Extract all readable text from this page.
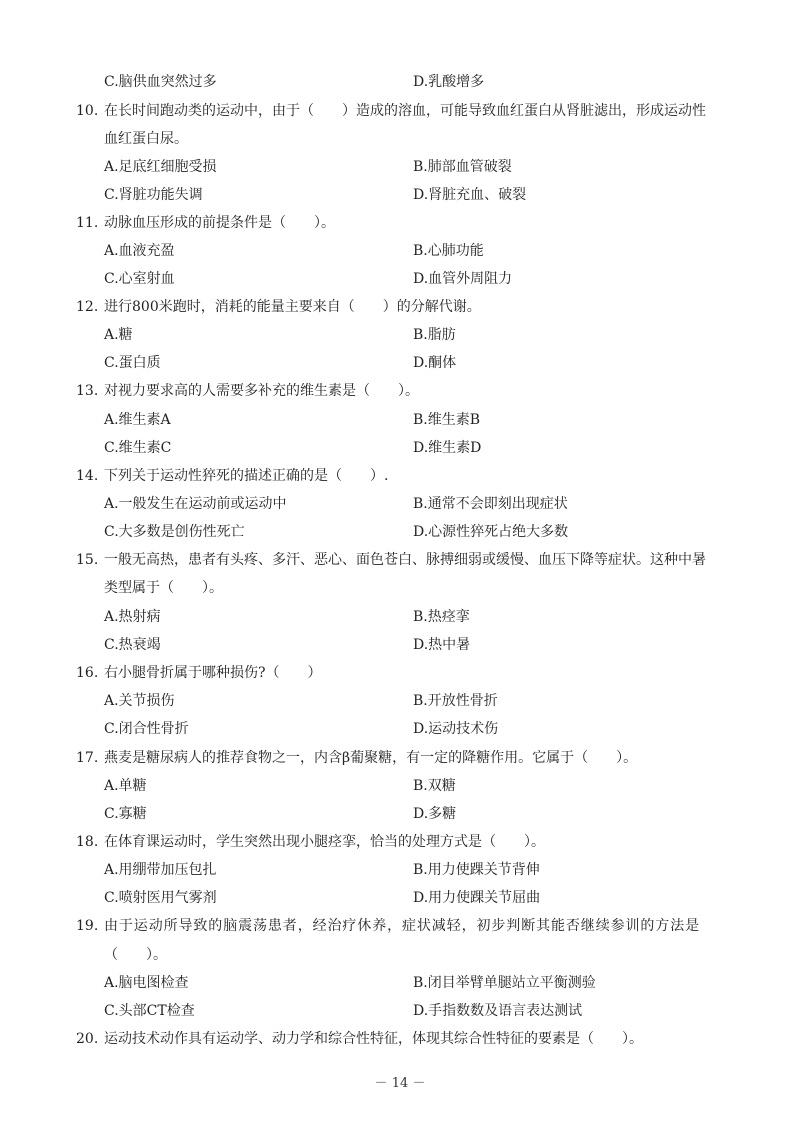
C.脑供血突然过多	D.乳酸增多
10. 在长时间跑动类的运动中，由于（　　）造成的溶血，可能导致血红蛋白从肾脏滤出，形成运动性
血红蛋白尿。
A.足底红细胞受损	B.肺部血管破裂
C.肾脏功能失调	D.肾脏充血、破裂
11. 动脉血压形成的前提条件是（　　）。
A.血液充盈	B.心肺功能
C.心室射血	D.血管外周阻力
12. 进行800米跑时，消耗的能量主要来自（　　）的分解代谢。
A.糖	B.脂肪
C.蛋白质	D.酮体
13. 对视力要求高的人需要多补充的维生素是（　　）。
A.维生素A	B.维生素B
C.维生素C	D.维生素D
14. 下列关于运动性猝死的描述正确的是（　　）.
A.一般发生在运动前或运动中	B.通常不会即刻出现症状
C.大多数是创伤性死亡	D.心源性猝死占绝大多数
15. 一般无高热，患者有头疼、多汗、恶心、面色苍白、脉搏细弱或缓慢、血压下降等症状。这种中暑
类型属于（　　）。
A.热射病	B.热痉挛
C.热衰竭	D.热中暑
16. 右小腿骨折属于哪种损伤?（　　）
A.关节损伤	B.开放性骨折
C.闭合性骨折	D.运动技术伤
17. 燕麦是糖尿病人的推荐食物之一，内含β葡聚糖，有一定的降糖作用。它属于（　　）。
A.单糖	B.双糖
C.寡糖	D.多糖
18. 在体育课运动时，学生突然出现小腿痉挛，恰当的处理方式是（　　）。
A.用绷带加压包扎	B.用力使踝关节背伸
C.喷射医用气雾剂	D.用力使踝关节屈曲
19. 由于运动所导致的脑震荡患者，经治疗休养，症状减轻，初步判断其能否继续参训的方法是
（　　）。
A.脑电图检查	B.闭目举臂单腿站立平衡测验
C.头部CT检查	D.手指数数及语言表达测试
20. 运动技术动作具有运动学、动力学和综合性特征，体现其综合性特征的要素是（　　）。
－ 14 －
